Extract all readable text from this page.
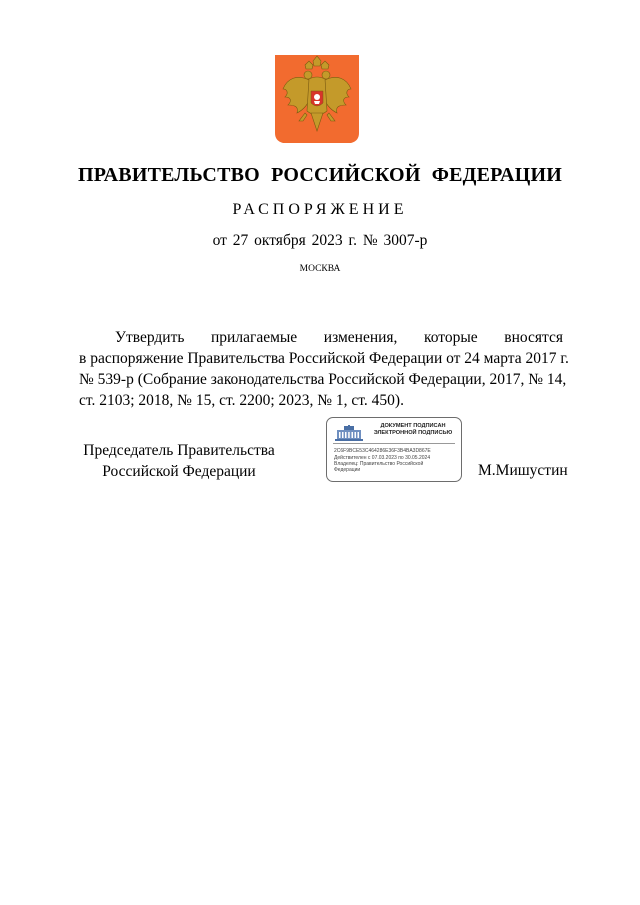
ПРАВИТЕЛЬСТВО РОССИЙСКОЙ ФЕДЕРАЦИИ
РАСПОРЯЖЕНИЕ
от 27 октября 2023 г. № 3007-р
МОСКВА
Утвердить прилагаемые изменения, которые вносятся
в распоряжение Правительства Российской Федерации от 24 марта 2017 г.
№ 539-р (Собрание законодательства Российской Федерации, 2017, № 14,
ст. 2103; 2018, № 15, ст. 2200; 2023, № 1, ст. 450).
Председатель Правительства
Российской Федерации
ДОКУМЕНТ ПОДПИСАН
ЭЛЕКТРОННОЙ ПОДПИСЬЮ
2C6F9BCE53C464286E36F3B4BA3D867E
Действителен с 07.03.2023 по 30.05.2024
Владелец: Правительство Российской
Федерации	М.Мишустин
